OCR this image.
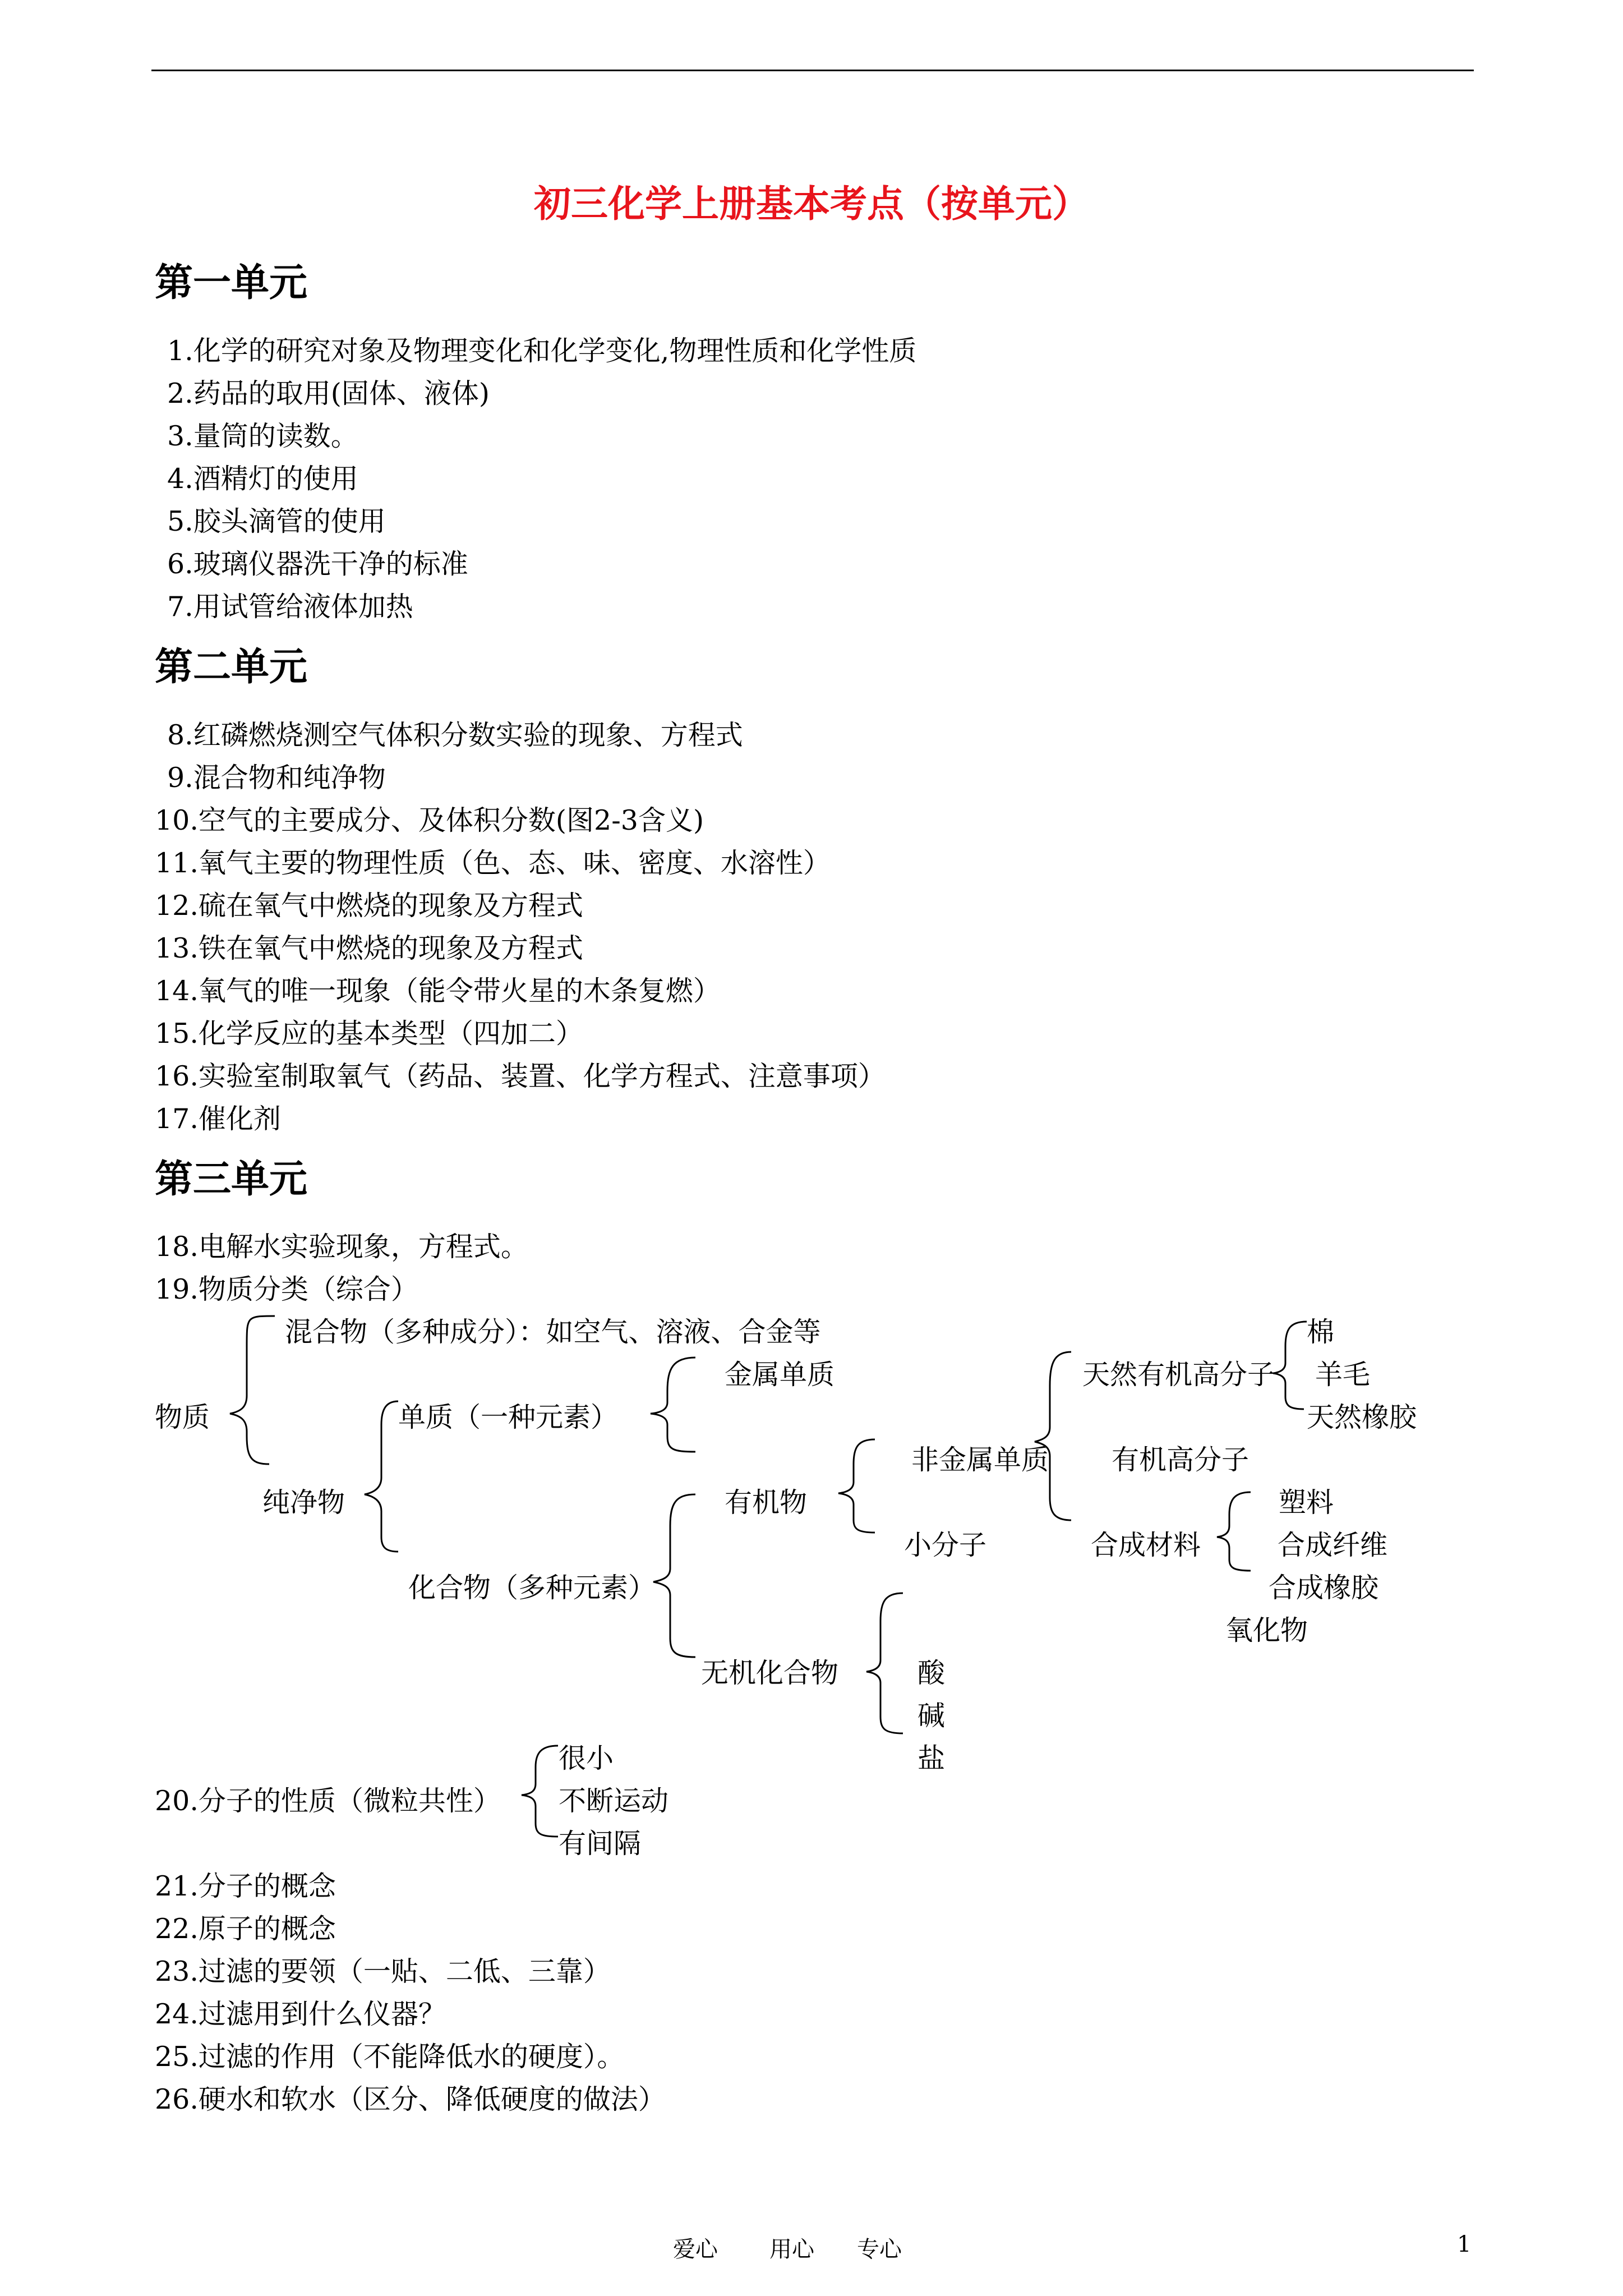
初三化学上册基本考点（按单元）
第一单元
1.化学的研究对象及物理变化和化学变化,物理性质和化学性质
2.药品的取用(固体、液体)
3.量筒的读数。
4.酒精灯的使用
5.胶头滴管的使用
6.玻璃仪器洗干净的标准
7.用试管给液体加热
第二单元
8.红磷燃烧测空气体积分数实验的现象、方程式
9.混合物和纯净物
10.空气的主要成分、及体积分数(图2-3含义)
11.氧气主要的物理性质（色、态、味、密度、水溶性）
12.硫在氧气中燃烧的现象及方程式
13.铁在氧气中燃烧的现象及方程式
14.氧气的唯一现象（能令带火星的木条复燃）
15.化学反应的基本类型（四加二）
16.实验室制取氧气（药品、装置、化学方程式、注意事项）
17.催化剂
第三单元
18.电解水实验现象，方程式。
19.物质分类（综合）
物质
混合物（多种成分）：如空气、溶液、合金等
纯净物
单质（一种元素）
金属单质
非金属单质
化合物（多种元素）
有机物
小分子
有机高分子
天然有机高分子
棉
羊毛
天然橡胶
合成材料
塑料
合成纤维
合成橡胶
无机化合物
氧化物
酸
碱
盐
20.分子的性质（微粒共性）
很小
不断运动
有间隔
21.分子的概念
22.原子的概念
23.过滤的要领（一贴、二低、三靠）
24.过滤用到什么仪器？
25.过滤的作用（不能降低水的硬度）。
26.硬水和软水（区分、降低硬度的做法）
爱心 用心 专心	1
